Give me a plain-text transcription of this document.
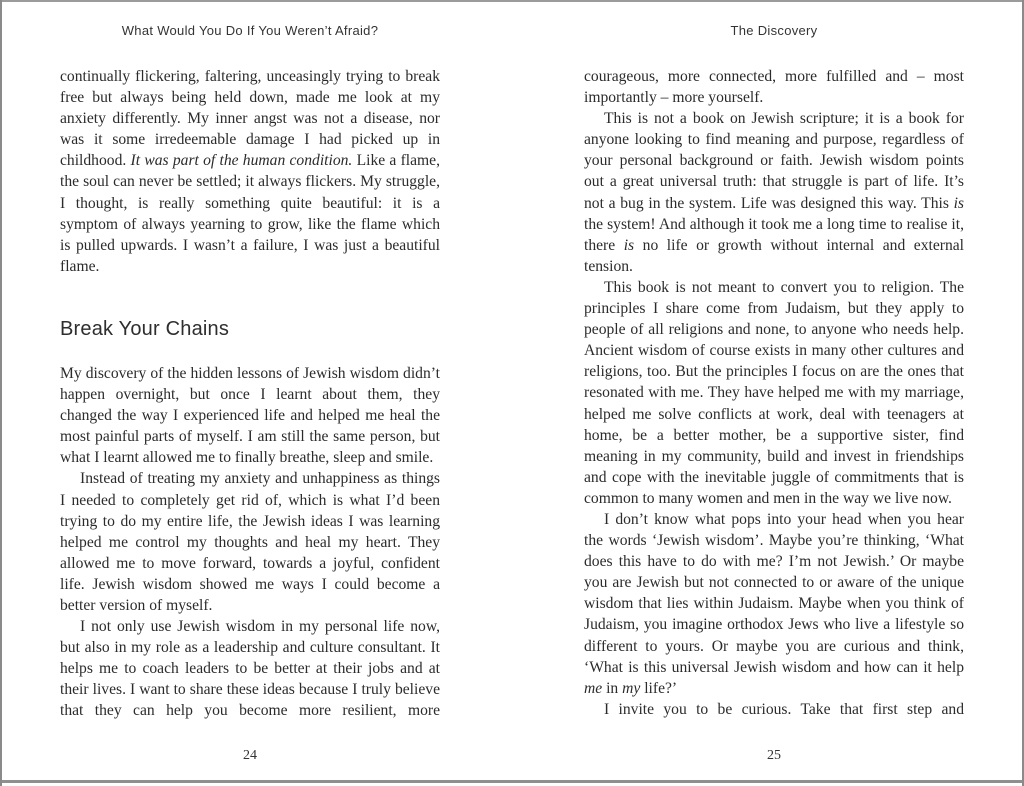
What Would You Do If You Weren’t Afraid?

continually flickering, faltering, unceasingly trying to break free but always being held down, made me look at my anxiety differently. My inner angst was not a disease, nor was it some irredeemable damage I had picked up in childhood. It was part of the human condition. Like a flame, the soul can never be settled; it always flickers. My struggle, I thought, is really something quite beautiful: it is a symptom of always yearning to grow, like the flame which is pulled upwards. I wasn’t a failure, I was just a beautiful flame.

Break Your Chains

My discovery of the hidden lessons of Jewish wisdom didn’t happen overnight, but once I learnt about them, they changed the way I experienced life and helped me heal the most painful parts of myself. I am still the same person, but what I learnt allowed me to finally breathe, sleep and smile.

Instead of treating my anxiety and unhappiness as things I needed to completely get rid of, which is what I’d been trying to do my entire life, the Jewish ideas I was learning helped me control my thoughts and heal my heart. They allowed me to move forward, towards a joyful, confident life. Jewish wisdom showed me ways I could become a better version of myself.

I not only use Jewish wisdom in my personal life now, but also in my role as a leadership and culture consultant. It helps me to coach leaders to be better at their jobs and at their lives. I want to share these ideas because I truly believe that they can help you become more resilient, more

24
The Discovery

courageous, more connected, more fulfilled and – most importantly – more yourself.

This is not a book on Jewish scripture; it is a book for anyone looking to find meaning and purpose, regardless of your personal background or faith. Jewish wisdom points out a great universal truth: that struggle is part of life. It’s not a bug in the system. Life was designed this way. This is the system! And although it took me a long time to realise it, there is no life or growth without internal and external tension.

This book is not meant to convert you to religion. The principles I share come from Judaism, but they apply to people of all religions and none, to anyone who needs help. Ancient wisdom of course exists in many other cultures and religions, too. But the principles I focus on are the ones that resonated with me. They have helped me with my marriage, helped me solve conflicts at work, deal with teenagers at home, be a better mother, be a supportive sister, find meaning in my community, build and invest in friendships and cope with the inevitable juggle of commitments that is common to many women and men in the way we live now.

I don’t know what pops into your head when you hear the words ‘Jewish wisdom’. Maybe you’re thinking, ‘What does this have to do with me? I’m not Jewish.’ Or maybe you are Jewish but not connected to or aware of the unique wisdom that lies within Judaism. Maybe when you think of Judaism, you imagine orthodox Jews who live a lifestyle so different to yours. Or maybe you are curious and think, ‘What is this universal Jewish wisdom and how can it help me in my life?’

I invite you to be curious. Take that first step and

25
